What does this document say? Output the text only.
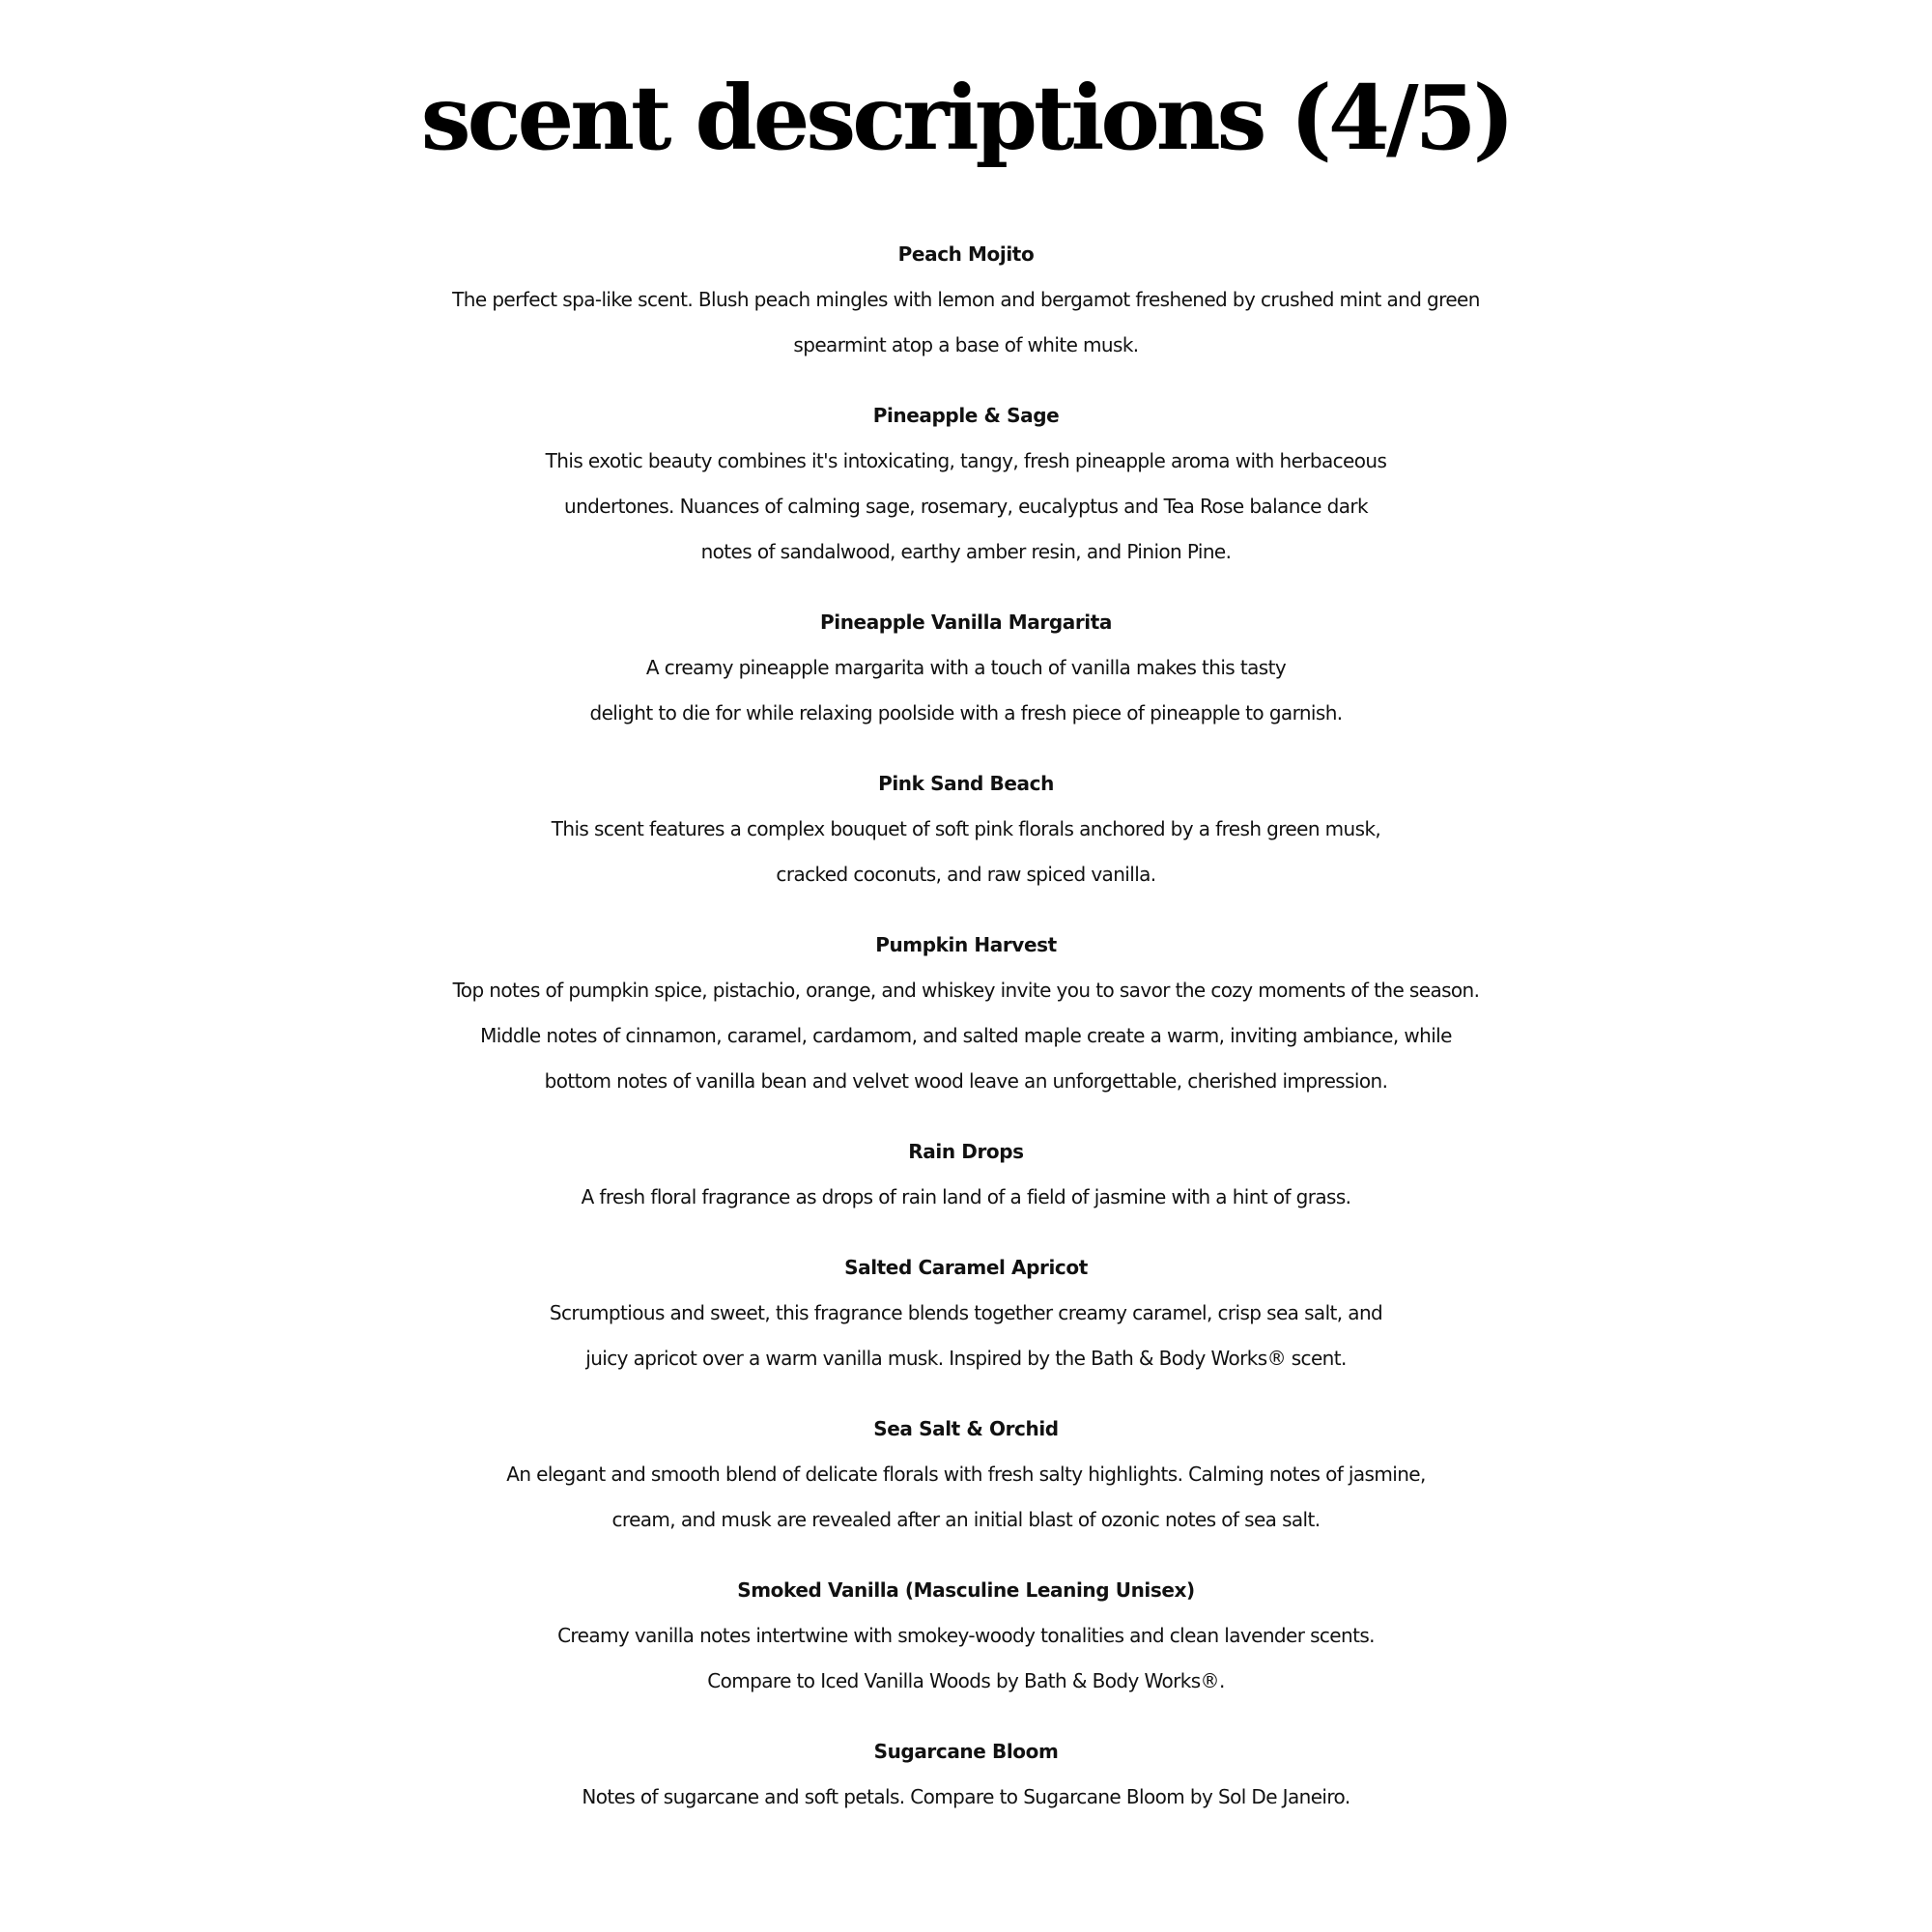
scent descriptions (4/5)
Peach Mojito
The perfect spa-like scent. Blush peach mingles with lemon and bergamot freshened by crushed mint and green
spearmint atop a base of white musk.
Pineapple & Sage
This exotic beauty combines it's intoxicating, tangy, fresh pineapple aroma with herbaceous
undertones. Nuances of calming sage, rosemary, eucalyptus and Tea Rose balance dark
notes of sandalwood, earthy amber resin, and Pinion Pine.
Pineapple Vanilla Margarita
A creamy pineapple margarita with a touch of vanilla makes this tasty
delight to die for while relaxing poolside with a fresh piece of pineapple to garnish.
Pink Sand Beach
This scent features a complex bouquet of soft pink florals anchored by a fresh green musk,
cracked coconuts, and raw spiced vanilla.
Pumpkin Harvest
Top notes of pumpkin spice, pistachio, orange, and whiskey invite you to savor the cozy moments of the season.
Middle notes of cinnamon, caramel, cardamom, and salted maple create a warm, inviting ambiance, while
bottom notes of vanilla bean and velvet wood leave an unforgettable, cherished impression.
Rain Drops
A fresh floral fragrance as drops of rain land of a field of jasmine with a hint of grass.
Salted Caramel Apricot
Scrumptious and sweet, this fragrance blends together creamy caramel, crisp sea salt, and
juicy apricot over a warm vanilla musk. Inspired by the Bath & Body Works® scent.
Sea Salt & Orchid
An elegant and smooth blend of delicate florals with fresh salty highlights. Calming notes of jasmine,
cream, and musk are revealed after an initial blast of ozonic notes of sea salt.
Smoked Vanilla (Masculine Leaning Unisex)
Creamy vanilla notes intertwine with smokey-woody tonalities and clean lavender scents.
Compare to Iced Vanilla Woods by Bath & Body Works®.
Sugarcane Bloom
Notes of sugarcane and soft petals. Compare to Sugarcane Bloom by Sol De Janeiro.
